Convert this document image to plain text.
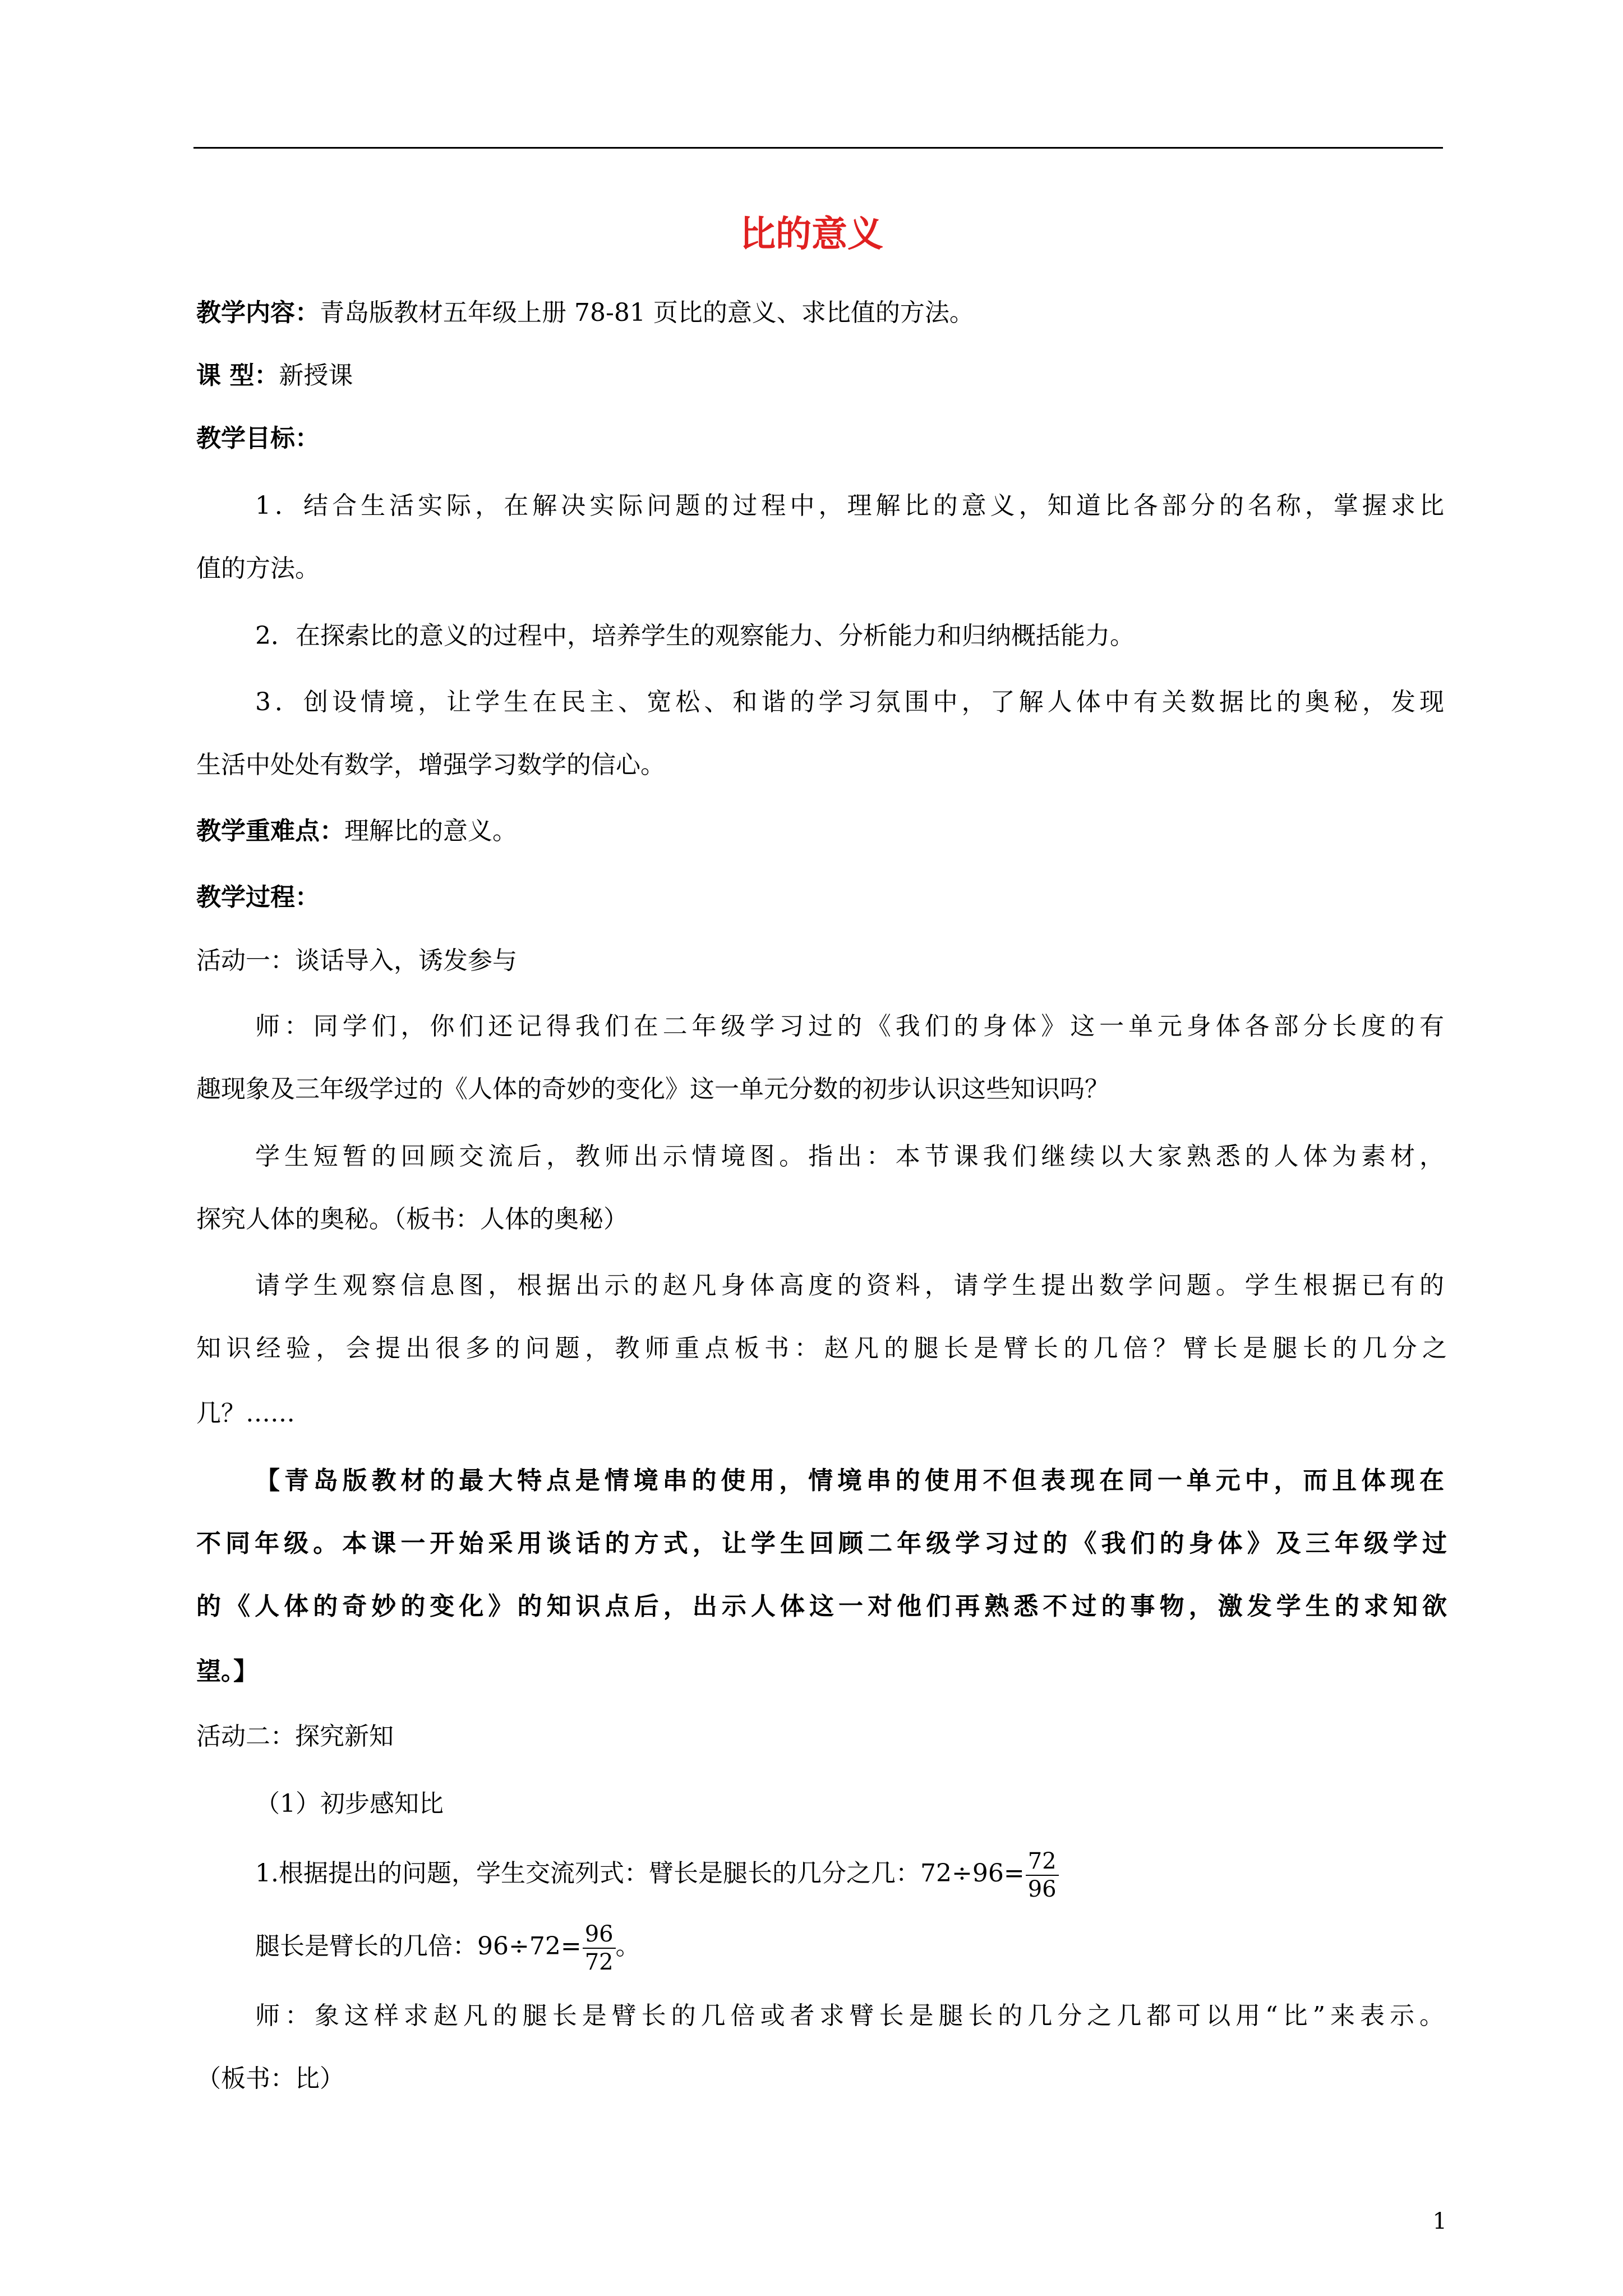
比的意义
教学内容：青岛版教材五年级上册 78-81 页比的意义、求比值的方法。
课 型：新授课
教学目标：
1．结合生活实际，在解决实际问题的过程中，理解比的意义，知道比各部分的名称，掌握求比
值的方法。
2．在探索比的意义的过程中，培养学生的观察能力、分析能力和归纳概括能力。
3．创设情境，让学生在民主、宽松、和谐的学习氛围中，了解人体中有关数据比的奥秘，发现
生活中处处有数学，增强学习数学的信心。
教学重难点：理解比的意义。
教学过程：
活动一：谈话导入，诱发参与
师：同学们，你们还记得我们在二年级学习过的《我们的身体》这一单元身体各部分长度的有
趣现象及三年级学过的《人体的奇妙的变化》这一单元分数的初步认识这些知识吗？
学生短暂的回顾交流后，教师出示情境图。指出：本节课我们继续以大家熟悉的人体为素材，
探究人体的奥秘。（板书：人体的奥秘）
请学生观察信息图，根据出示的赵凡身体高度的资料，请学生提出数学问题。学生根据已有的
知识经验，会提出很多的问题，教师重点板书：赵凡的腿长是臂长的几倍？臂长是腿长的几分之
几？……
【青岛版教材的最大特点是情境串的使用，情境串的使用不但表现在同一单元中，而且体现在
不同年级。本课一开始采用谈话的方式，让学生回顾二年级学习过的《我们的身体》及三年级学过
的《人体的奇妙的变化》的知识点后，出示人体这一对他们再熟悉不过的事物，激发学生的求知欲
望。】
活动二：探究新知
（1）初步感知比
1.根据提出的问题，学生交流列式：臂长是腿长的几分之几：$72\div 96= \frac{72}{96}$
腿长是臂长的几倍：$96\div 72= \frac{96}{72}$ 。
师：象这样求赵凡的腿长是臂长的几倍或者求臂长是腿长的几分之几都可以用“比”来表示。
（板书：比）
1
